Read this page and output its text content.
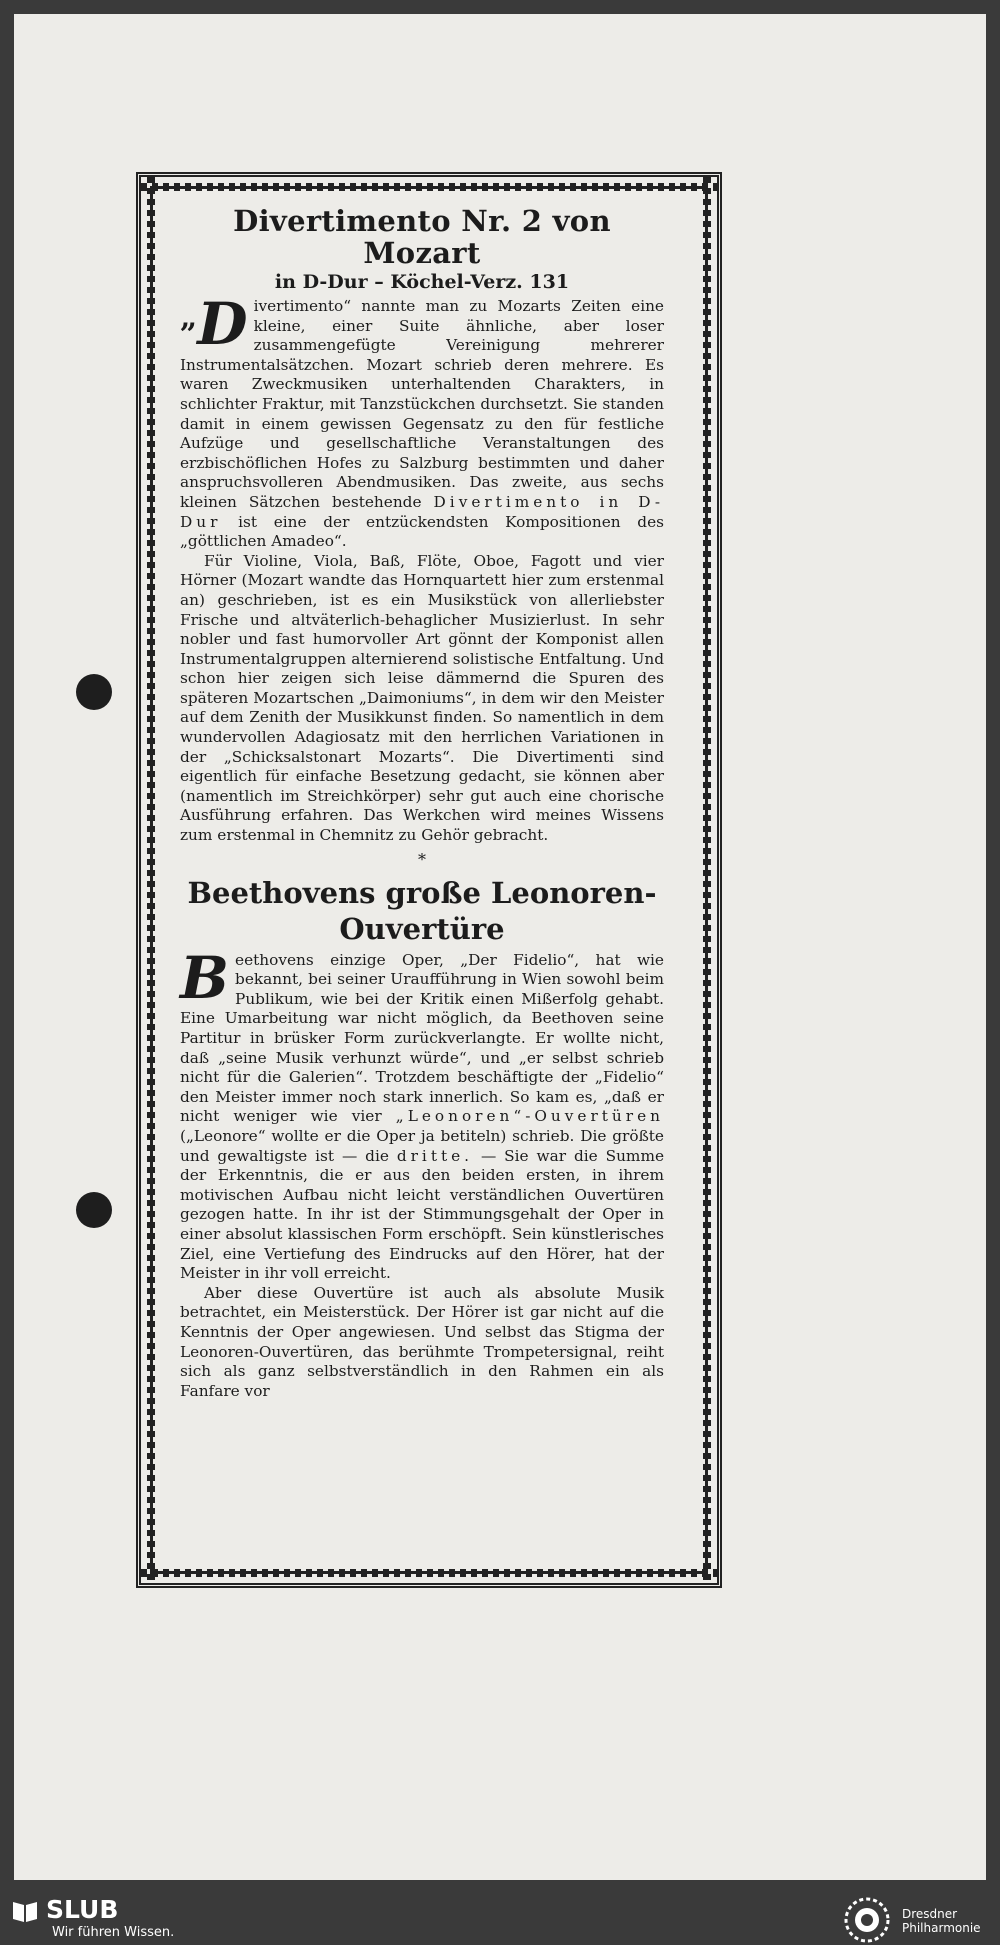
Divertimento Nr. 2 von Mozart
in D-Dur – Köchel-Verz. 131

„ D ivertimento“ nannte man zu Mozarts Zeiten eine kleine, einer Suite ähnliche, aber loser zusammengefügte Vereinigung mehrerer Instrumentalsätzchen. Mozart schrieb deren mehrere. Es waren Zweckmusiken unterhaltenden Charakters, in schlichter Fraktur, mit Tanzstückchen durchsetzt. Sie standen damit in einem gewissen Gegensatz zu den für festliche Aufzüge und gesellschaftliche Veranstaltungen des erzbischöflichen Hofes zu Salzburg bestimmten und daher anspruchsvolleren Abendmusiken. Das zweite, aus sechs kleinen Sätzchen bestehende Divertimento in D-Dur ist eine der entzückendsten Kompositionen des „göttlichen Amadeo“.

Für Violine, Viola, Baß, Flöte, Oboe, Fagott und vier Hörner (Mozart wandte das Hornquartett hier zum erstenmal an) geschrieben, ist es ein Musikstück von allerliebster Frische und altväterlich-behaglicher Musizierlust. In sehr nobler und fast humorvoller Art gönnt der Komponist allen Instrumentalgruppen alternierend solistische Entfaltung. Und schon hier zeigen sich leise dämmernd die Spuren des späteren Mozartschen „Daimoniums“, in dem wir den Meister auf dem Zenith der Musikkunst finden. So namentlich in dem wundervollen Adagiosatz mit den herrlichen Variationen in der „Schicksalstonart Mozarts“. Die Divertimenti sind eigentlich für einfache Besetzung gedacht, sie können aber (namentlich im Streichkörper) sehr gut auch eine chorische Ausführung erfahren. Das Werkchen wird meines Wissens zum erstenmal in Chemnitz zu Gehör gebracht.

*
Beethovens große Leonoren-Ouvertüre

Beethovens einzige Oper, „Der Fidelio“, hat wie bekannt, bei seiner Uraufführung in Wien sowohl beim Publikum, wie bei der Kritik einen Mißerfolg gehabt. Eine Umarbeitung war nicht möglich, da Beethoven seine Partitur in brüsker Form zurückverlangte. Er wollte nicht, daß „seine Musik verhunzt würde“, und „er selbst schrieb nicht für die Galerien“. Trotzdem beschäftigte der „Fidelio“ den Meister immer noch stark innerlich. So kam es, „daß er nicht weniger wie vier „Leonoren“-Ouvertüren („Leonore“ wollte er die Oper ja betiteln) schrieb. Die größte und gewaltigste ist — die dritte. — Sie war die Summe der Erkenntnis, die er aus den beiden ersten, in ihrem motivischen Aufbau nicht leicht verständlichen Ouvertüren gezogen hatte. In ihr ist der Stimmungsgehalt der Oper in einer absolut klassischen Form erschöpft. Sein künstlerisches Ziel, eine Vertiefung des Eindrucks auf den Hörer, hat der Meister in ihr voll erreicht.

Aber diese Ouvertüre ist auch als absolute Musik betrachtet, ein Meisterstück. Der Hörer ist gar nicht auf die Kenntnis der Oper angewiesen. Und selbst das Stigma der Leonoren-Ouvertüren, das berühmte Trompetersignal, reiht sich als ganz selbstverständlich in den Rahmen ein als Fanfare vor

SLUB
Wir führen Wissen.
Dresdner
Philharmonie
